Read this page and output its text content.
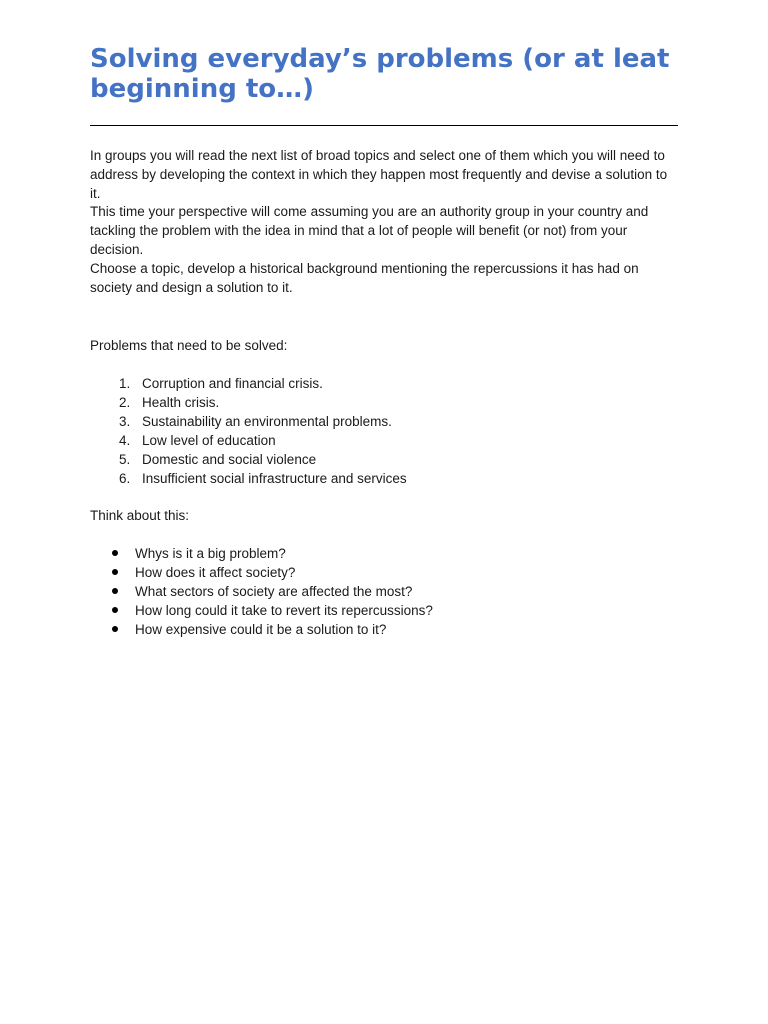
Solving everyday’s problems (or at leat beginning to…)

In groups you will read the next list of broad topics and select one of them which you will need to address by developing the context in which they happen most frequently and devise a solution to it.

This time your perspective will come assuming you are an authority group in your country and tackling the problem with the idea in mind that a lot of people will benefit (or not) from your decision.

Choose a topic, develop a historical background mentioning the repercussions it has had on society and design a solution to it.

Problems that need to be solved:

1. Corruption and financial crisis.
2. Health crisis.
3. Sustainability an environmental problems.
4. Low level of education
5. Domestic and social violence
6. Insufficient social infrastructure and services

Think about this:

Whys is it a big problem?
How does it affect society?
What sectors of society are affected the most?
How long could it take to revert its repercussions?
How expensive could it be a solution to it?
